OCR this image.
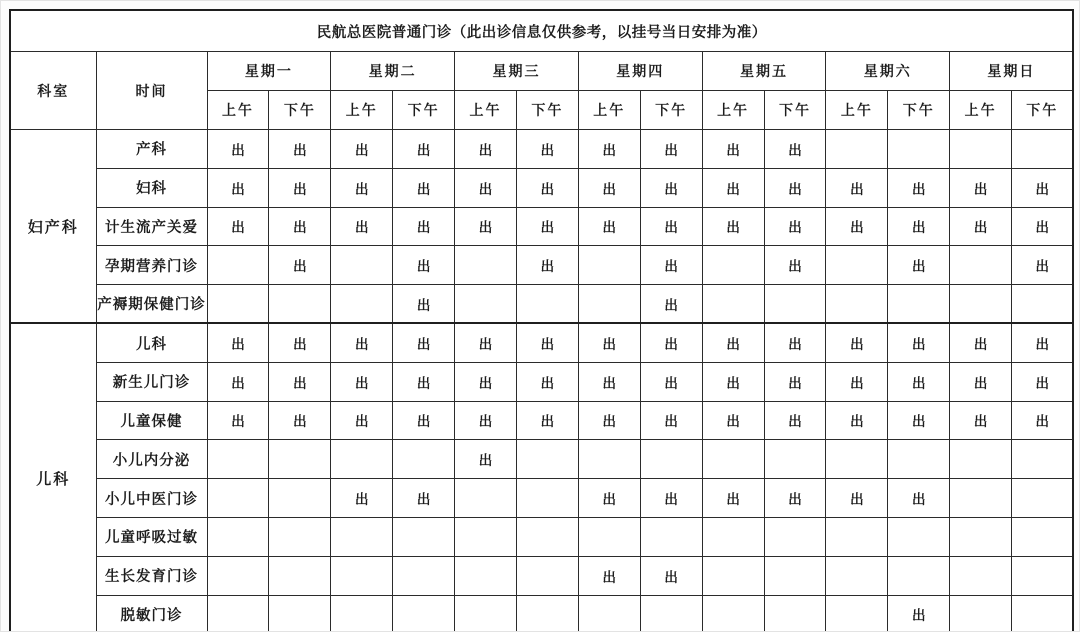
民航总医院普通门诊（此出诊信息仅供参考，以挂号当日安排为准）															
科室	时间	星期一		星期二		星期三		星期四		星期五		星期六		星期日	
		上午	下午	上午	下午	上午	下午	上午	下午	上午	下午	上午	下午	上午	下午
妇产科	产科	出	出	出	出	出	出	出	出	出	出				
	妇科	出	出	出	出	出	出	出	出	出	出	出	出	出	出
	计生流产关爱	出	出	出	出	出	出	出	出	出	出	出	出	出	出
	孕期营养门诊		出		出		出		出		出		出		出
	产褥期保健门诊				出				出						
儿科	儿科	出	出	出	出	出	出	出	出	出	出	出	出	出	出
	新生儿门诊	出	出	出	出	出	出	出	出	出	出	出	出	出	出
	儿童保健	出	出	出	出	出	出	出	出	出	出	出	出	出	出
	小儿内分泌					出									
	小儿中医门诊			出	出			出	出	出	出	出	出		
	儿童呼吸过敏														
	生长发育门诊							出	出						
	脱敏门诊												出		
